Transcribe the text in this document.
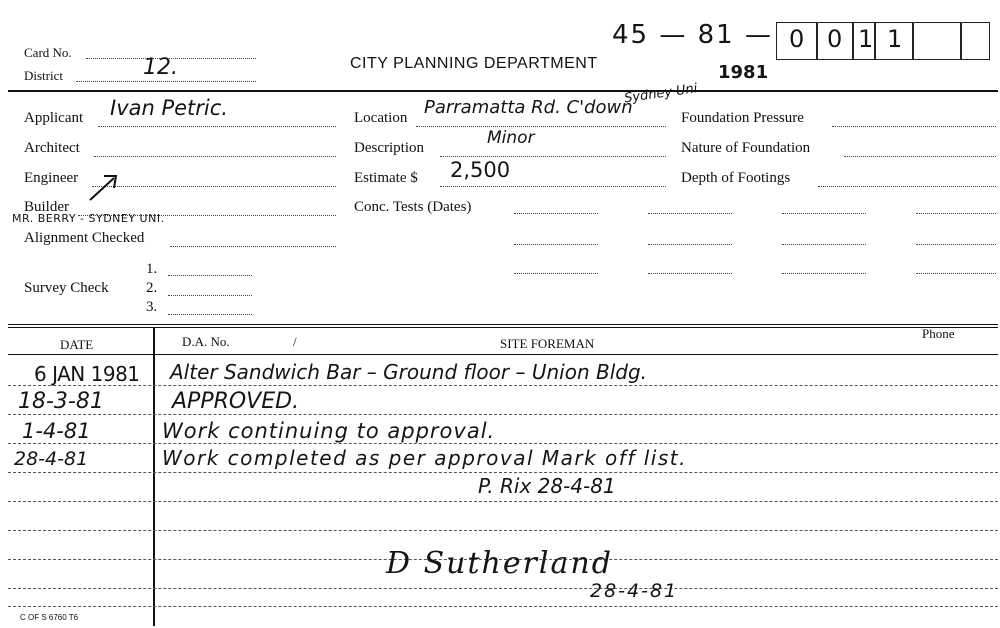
45 — 81 — 0 0 1 1
Card No.
District	12.	CITY PLANNING DEPARTMENT	1981
Applicant Ivan Petric.
Architect
Engineer
Builder
MR. BERRY - SYDNEY UNI.
Alignment Checked
1.
Survey Check 2.
3.
Location Parramatta Rd. C'down
Sydney Uni.
Description	Minor
Estimate $ 2,500
Conc. Tests (Dates)
Foundation Pressure
Nature of Foundation
Depth of Footings
DATE	D.A. No.	/	SITE FOREMAN
Phone
6 JAN 1981 Alter Sandwich Bar – Ground floor – Union Bldg.
18-3-81	APPROVED.
1-4-81	Work continuing to approval.
28-4-81	Work completed as per approval Mark off list.
P. Rix 28-4-81
D Sutherland
28-4-81
C OF S 6760 T6
